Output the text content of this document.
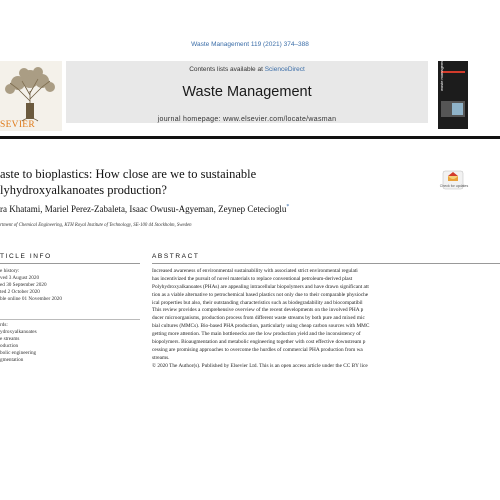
Waste Management 119 (2021) 374–388
Contents lists available at ScienceDirect
Waste Management
journal homepage: www.elsevier.com/locate/wasman
SEVIER
waste management
aste to bioplastics: How close are we to sustainable
lyhydroxyalkanoates production?	Check for updates
ra Khatami, Mariel Perez-Zabaleta, Isaac Owusu-Agyeman, Zeynep Cetecioglu*
rtment of Chemical Engineering, KTH Royal Institute of Technology, SE-100 44 Stockholm, Sweden
TICLE INFO	ABSTRACT
e history:
ved 3 August 2020
ed 30 September 2020
ted 2 October 2020
ble online 01 November 2020
rds:
ydroxyalkanoates
e streams
oduction
bolic engineering
gmentation
Increased awareness of environmental sustainability with associated strict environmental regulati
has incentivized the pursuit of novel materials to replace conventional petroleum-derived plast
Polyhydroxyalkanoates (PHAs) are appealing intracellular biopolymers and have drawn significant att
tion as a viable alternative to petrochemical based plastics not only due to their comparable physioche
ical properties but also, their outstanding characteristics such as biodegradability and biocompatibil
This review provides a comprehensive overview of the recent developments on the involved PHA p
ducer microorganisms, production process from different waste streams by both pure and mixed mic
bial cultures (MMCs). Bio-based PHA production, particularly using cheap carbon sources with MMC
getting more attention. The main bottlenecks are the low production yield and the inconsistency of
biopolymers. Bioaugmentation and metabolic engineering together with cost effective downstream p
cessing are promising approaches to overcome the hurdles of commercial PHA production from wa
streams.
© 2020 The Author(s). Published by Elsevier Ltd. This is an open access article under the CC BY lice
